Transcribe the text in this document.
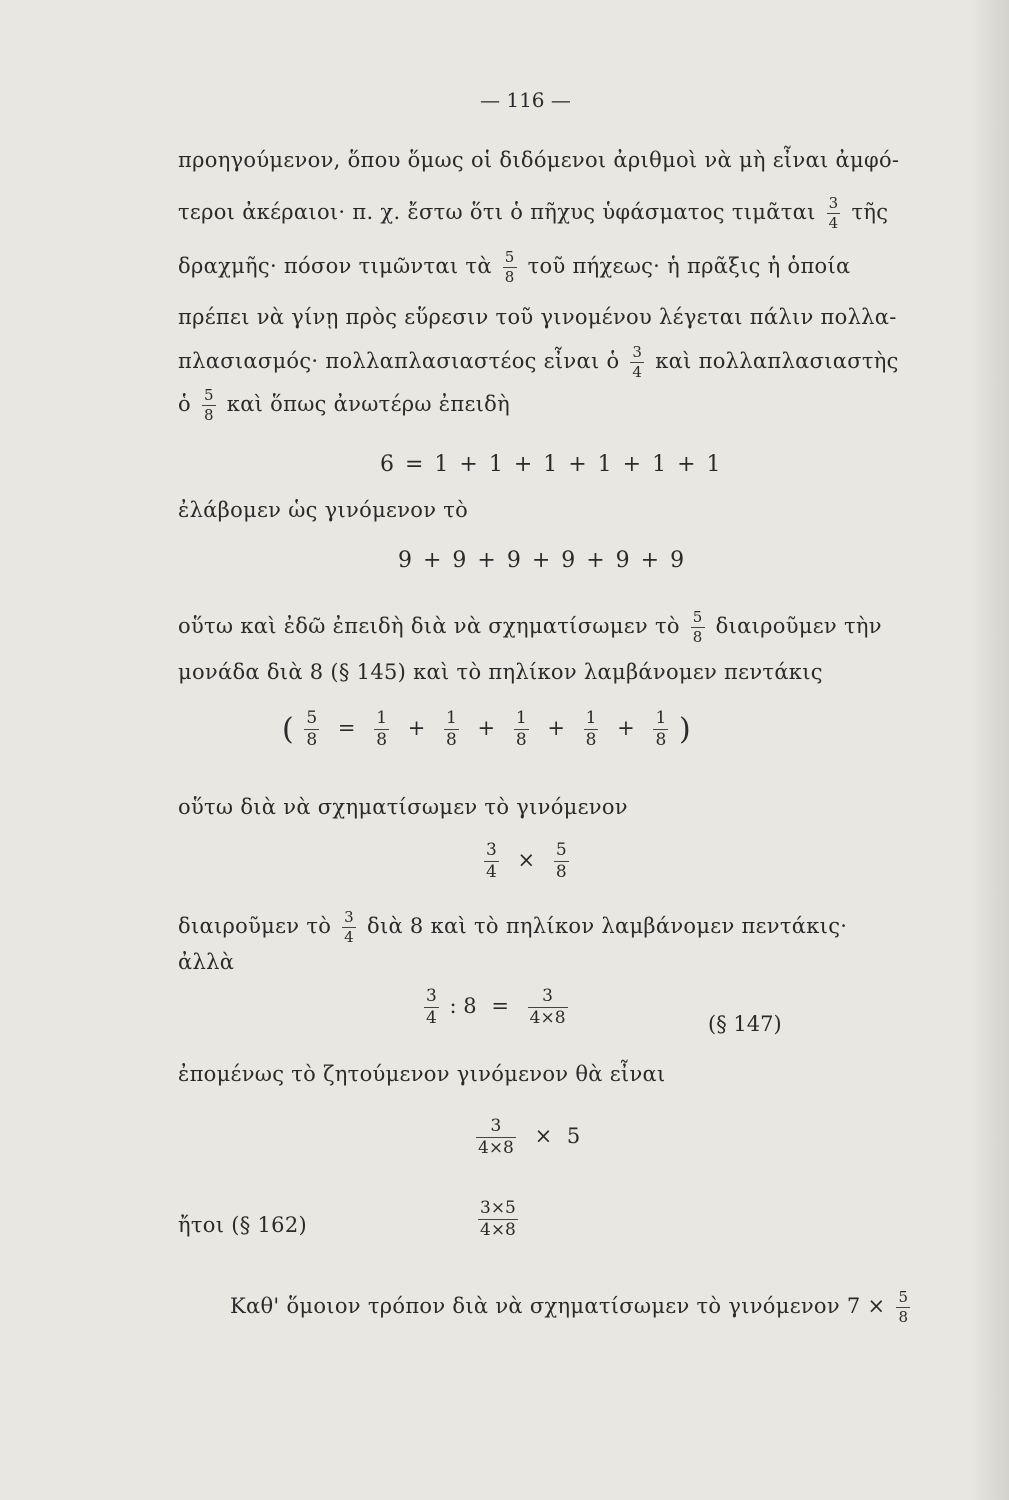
— 116 —
προηγούμενον, ὅπου ὅμως οἱ διδόμενοι ἀριθμοὶ νὰ μὴ εἶναι ἀμφό-
τεροι ἀκέραιοι· π. χ. ἔστω ὅτι ὁ πῆχυς ὑφάσματος τιμᾶται $\frac{3}{4}$ τῆς
δραχμῆς· πόσον τιμῶνται τὰ $\frac{5}{8}$ τοῦ πήχεως· ἡ πρᾶξις ἡ ὁποία
πρέπει νὰ γίνῃ πρὸς εὕρεσιν τοῦ γινομένου λέγεται πάλιν πολλα-
πλασιασμός· πολλαπλασιαστέος εἶναι ὁ $\frac{3}{4}$ καὶ πολλαπλασιαστὴς
ὁ $\frac{5}{8}$ καὶ ὅπως ἀνωτέρω ἐπειδὴ
6 = 1 + 1 + 1 + 1 + 1 + 1
ἐλάβομεν ὡς γινόμενον τὸ
9 + 9 + 9 + 9 + 9 + 9
οὕτω καὶ ἐδῶ ἐπειδὴ διὰ νὰ σχηματίσωμεν τὸ $\frac{5}{8}$ διαιροῦμεν τὴν
μονάδα διὰ 8 (§ 145) καὶ τὸ πηλίκον λαμβάνομεν πεντάκις
( $\frac{5}{8} = \frac{1}{8} + \frac{1}{8} + \frac{1}{8} + \frac{1}{8} + \frac{1}{8}$ )
οὕτω διὰ νὰ σχηματίσωμεν τὸ γινόμενον
$\frac{3}{4} \times \frac{5}{8}$
διαιροῦμεν τὸ $\frac{3}{4}$ διὰ 8 καὶ τὸ πηλίκον λαμβάνομεν πεντάκις·
ἀλλὰ
$\frac{3}{4}$ : $8 = \frac{3}{4\times 8}$	(§ 147)
ἐπομένως τὸ ζητούμενον γινόμενον θὰ εἶναι
$\frac{3}{4\times 8} \times 5$
ἤτοι (§ 162)	$\frac{3\times 5}{4\times 8}$
Καθ' ὅμοιον τρόπον διὰ νὰ σχηματίσωμεν τὸ γινόμενον $7 \times \frac{5}{8}$
